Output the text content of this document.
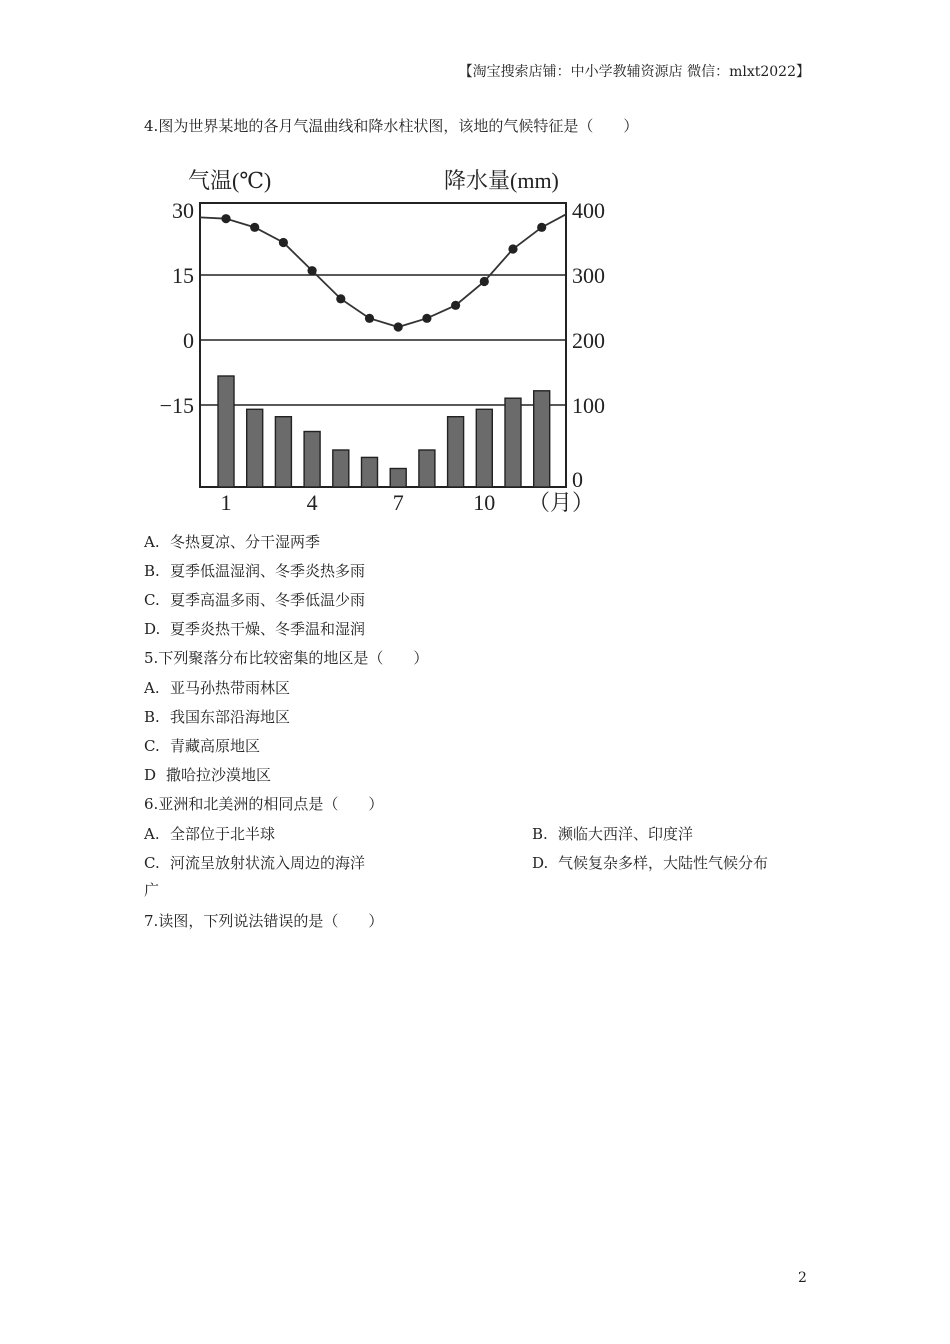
【淘宝搜索店铺：中小学教辅资源店 微信：mlxt2022】
4.图为世界某地的各月气温曲线和降水柱状图，该地的气候特征是（　　）
气温(℃)	降水量(mm)
30
15
0
−15
400
300
200
100
0
1	4	7	10 （月）
A. 冬热夏凉、分干湿两季
B. 夏季低温湿润、冬季炎热多雨
C. 夏季高温多雨、冬季低温少雨
D. 夏季炎热干燥、冬季温和湿润
5.下列聚落分布比较密集的地区是（　　）
A. 亚马孙热带雨林区
B. 我国东部沿海地区
C. 青藏高原地区
D 撒哈拉沙漠地区
6.亚洲和北美洲的相同点是（　　）
A. 全部位于北半球	B. 濒临大西洋、印度洋
C. 河流呈放射状流入周边的海洋	D. 气候复杂多样，大陆性气候分布
广
7.读图，下列说法错误的是（　　）
2
